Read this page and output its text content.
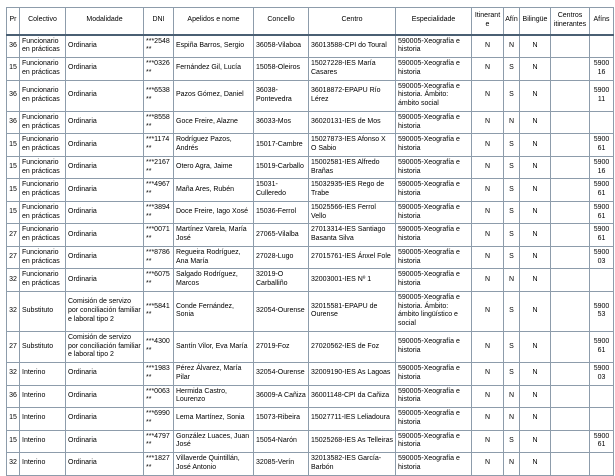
Pr	Colectivo	Modalidade	DNI	Apelidos e nome	Concello	Centro	Especialidade	Itinerante	Afín	Bilingüe	Centros itinerantes	Afíns
36	Funcionario en prácticas	Ordinaria	***2548**	Espiña Barros, Sergio	36058-Vilaboa	36013588-CPI do Toural	590005-Xeografía e historia	N	N	N		
15	Funcionario en prácticas	Ordinaria	***0326**	Fernández Gil, Lucía	15058-Oleiros	15027228-IES María Casares	590005-Xeografía e historia	N	S	N		590016
36	Funcionario en prácticas	Ordinaria	***6538**	Pazos Gómez, Daniel	36038-Pontevedra	36018872-EPAPU Río Lérez	590005-Xeografía e historia. Ámbito: ámbito social	N	S	N		590011
36	Funcionario en prácticas	Ordinaria	***8558**	Goce Freire, Alazne	36033-Mos	36020131-IES de Mos	590005-Xeografía e historia	N	N	N		
15	Funcionario en prácticas	Ordinaria	***1174**	Rodríguez Pazos, Andrés	15017-Cambre	15027873-IES Afonso X O Sabio	590005-Xeografía e historia	N	S	N		590061
15	Funcionario en prácticas	Ordinaria	***2167**	Otero Agra, Jaime	15019-Carballo	15002581-IES Alfredo Brañas	590005-Xeografía e historia	N	S	N		590016
15	Funcionario en prácticas	Ordinaria	***4967**	Maña Ares, Rubén	15031-Culleredo	15032935-IES Rego de Trabe	590005-Xeografía e historia	N	S	N		590061
15	Funcionario en prácticas	Ordinaria	***3894**	Doce Freire, Iago Xosé	15036-Ferrol	15025566-IES Ferrol Vello	590005-Xeografía e historia	N	S	N		590061
27	Funcionario en prácticas	Ordinaria	***0071**	Martínez Varela, María José	27065-Vilalba	27013314-IES Santiago Basanta Silva	590005-Xeografía e historia	N	S	N		590061
27	Funcionario en prácticas	Ordinaria	***8786**	Regueira Rodríguez, Ana María	27028-Lugo	27015761-IES Ánxel Fole	590005-Xeografía e historia	N	S	N		590003
32	Funcionario en prácticas	Ordinaria	***6075**	Salgado Rodríguez, Marcos	32019-O Carballiño	32003001-IES Nº 1	590005-Xeografía e historia	N	N	N		
32	Substituto	Comisión de servizo por conciliación familiar e laboral tipo 2	***5841**	Conde Fernández, Sonia	32054-Ourense	32015581-EPAPU de Ourense	590005-Xeografía e historia. Ámbito: ámbito lingüístico e social	N	S	N		590053
27	Substituto	Comisión de servizo por conciliación familiar e laboral tipo 2	***4300**	Santín Vilor, Eva María	27019-Foz	27020562-IES de Foz	590005-Xeografía e historia	N	S	N		590061
32	Interino	Ordinaria	***1983**	Pérez Álvarez, María Pilar	32054-Ourense	32009190-IES As Lagoas	590005-Xeografía e historia	N	S	N		590003
36	Interino	Ordinaria	***0063**	Hermida Castro, Lourenzo	36009-A Cañiza	36001148-CPI da Cañiza	590005-Xeografía e historia	N	N	N		
15	Interino	Ordinaria	***6990**	Lema Martínez, Sonia	15073-Ribeira	15027711-IES Leliadoura	590005-Xeografía e historia	N	N	N		
15	Interino	Ordinaria	***4797**	González Luaces, Juan José	15054-Narón	15025268-IES As Telleiras	590005-Xeografía e historia	N	S	N		590061
32	Interino	Ordinaria	***1827**	Villaverde Quintillán, José Antonio	32085-Verín	32013582-IES García-Barbón	590005-Xeografía e historia	N	N	N		
